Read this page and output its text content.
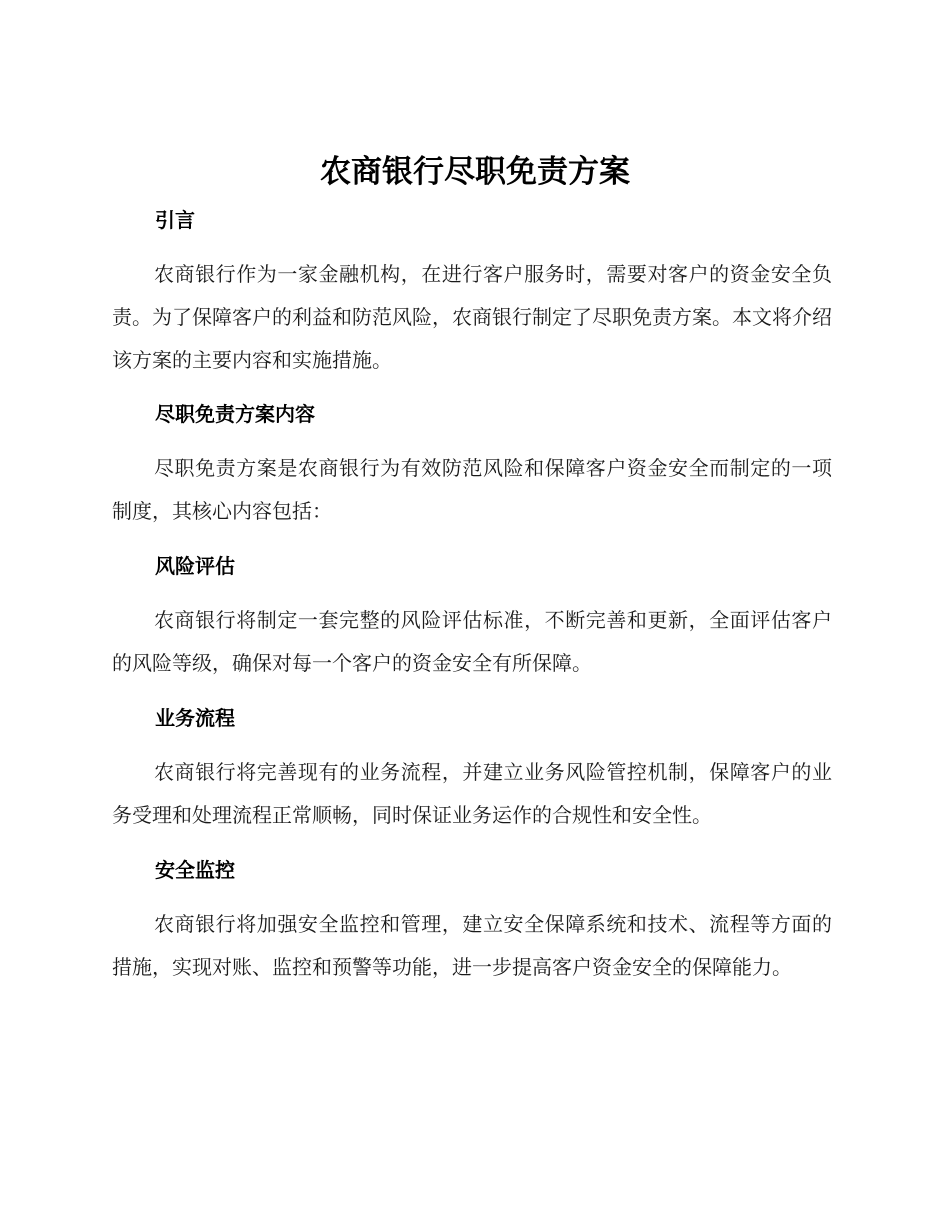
农商银行尽职免责方案
引言

农商银行作为一家金融机构，在进行客户服务时，需要对客户的资金安全负责。为了保障客户的利益和防范风险，农商银行制定了尽职免责方案。本文将介绍该方案的主要内容和实施措施。

尽职免责方案内容

尽职免责方案是农商银行为有效防范风险和保障客户资金安全而制定的一项制度，其核心内容包括：

风险评估

农商银行将制定一套完整的风险评估标准，不断完善和更新，全面评估客户的风险等级，确保对每一个客户的资金安全有所保障。

业务流程

农商银行将完善现有的业务流程，并建立业务风险管控机制，保障客户的业务受理和处理流程正常顺畅，同时保证业务运作的合规性和安全性。

安全监控

农商银行将加强安全监控和管理，建立安全保障系统和技术、流程等方面的措施，实现对账、监控和预警等功能，进一步提高客户资金安全的保障能力。
